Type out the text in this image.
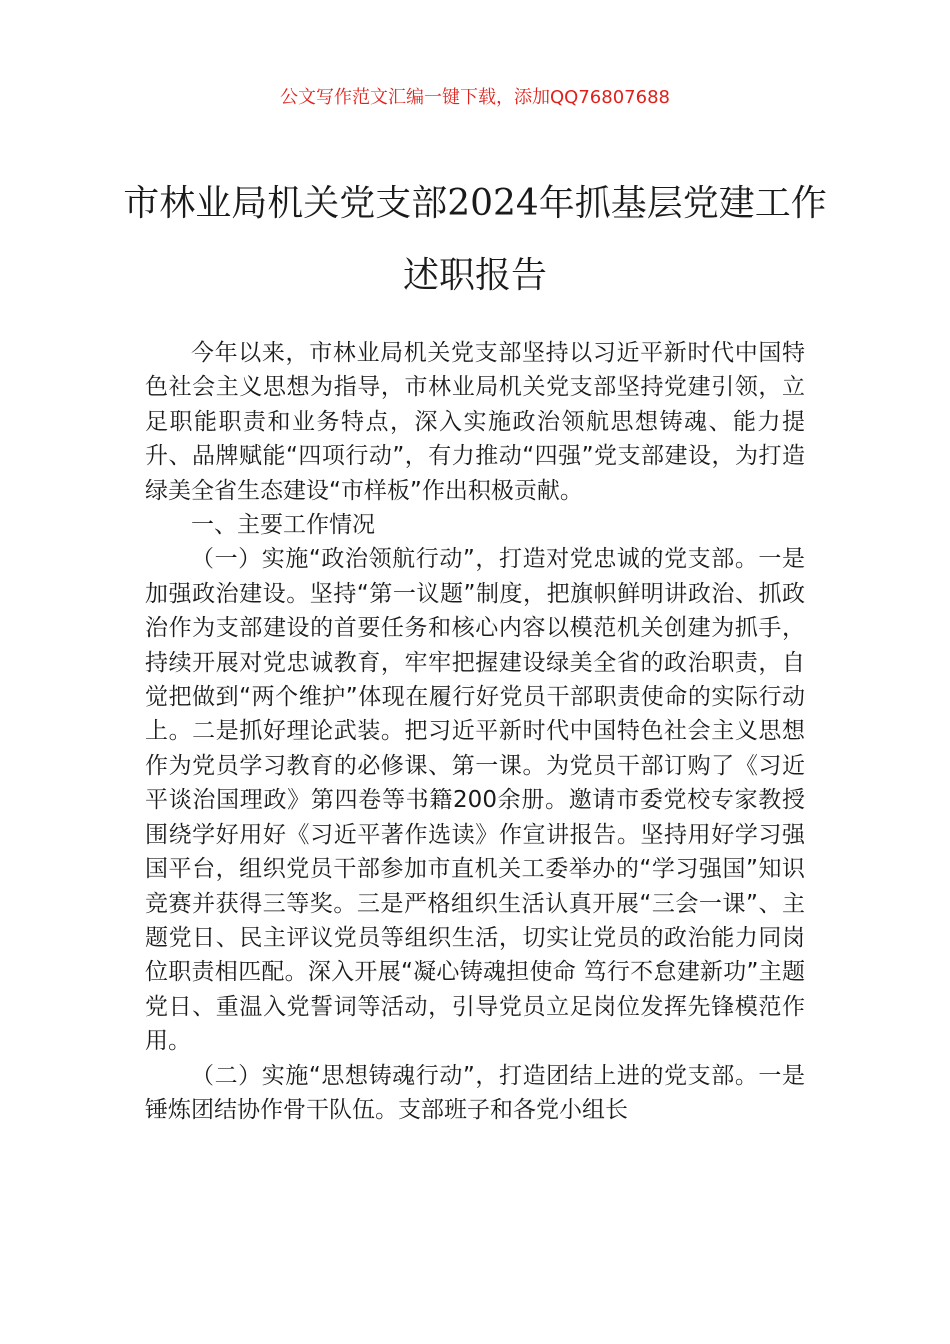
公文写作范文汇编一键下载，添加QQ76807688
市林业局机关党支部2024年抓基层党建工作述职报告

今年以来，市林业局机关党支部坚持以习近平新时代中国特色社会主义思想为指导，市林业局机关党支部坚持党建引领，立足职能职责和业务特点，深入实施政治领航思想铸魂、能力提升、品牌赋能“四项行动”，有力推动“四强”党支部建设，为打造绿美全省生态建设“市样板”作出积极贡献。

一、主要工作情况

（一）实施“政治领航行动”，打造对党忠诚的党支部。一是加强政治建设。坚持“第一议题”制度，把旗帜鲜明讲政治、抓政治作为支部建设的首要任务和核心内容以模范机关创建为抓手，持续开展对党忠诚教育，牢牢把握建设绿美全省的政治职责，自觉把做到“两个维护”体现在履行好党员干部职责使命的实际行动上。二是抓好理论武装。把习近平新时代中国特色社会主义思想作为党员学习教育的必修课、第一课。为党员干部订购了《习近平谈治国理政》第四卷等书籍200余册。邀请市委党校专家教授围绕学好用好《习近平著作选读》作宣讲报告。坚持用好学习强国平台，组织党员干部参加市直机关工委举办的“学习强国”知识竞赛并获得三等奖。三是严格组织生活认真开展“三会一课”、主题党日、民主评议党员等组织生活，切实让党员的政治能力同岗位职责相匹配。深入开展“凝心铸魂担使命 笃行不怠建新功”主题党日、重温入党誓词等活动，引导党员立足岗位发挥先锋模范作用。

（二）实施“思想铸魂行动”，打造团结上进的党支部。一是锤炼团结协作骨干队伍。支部班子和各党小组长
